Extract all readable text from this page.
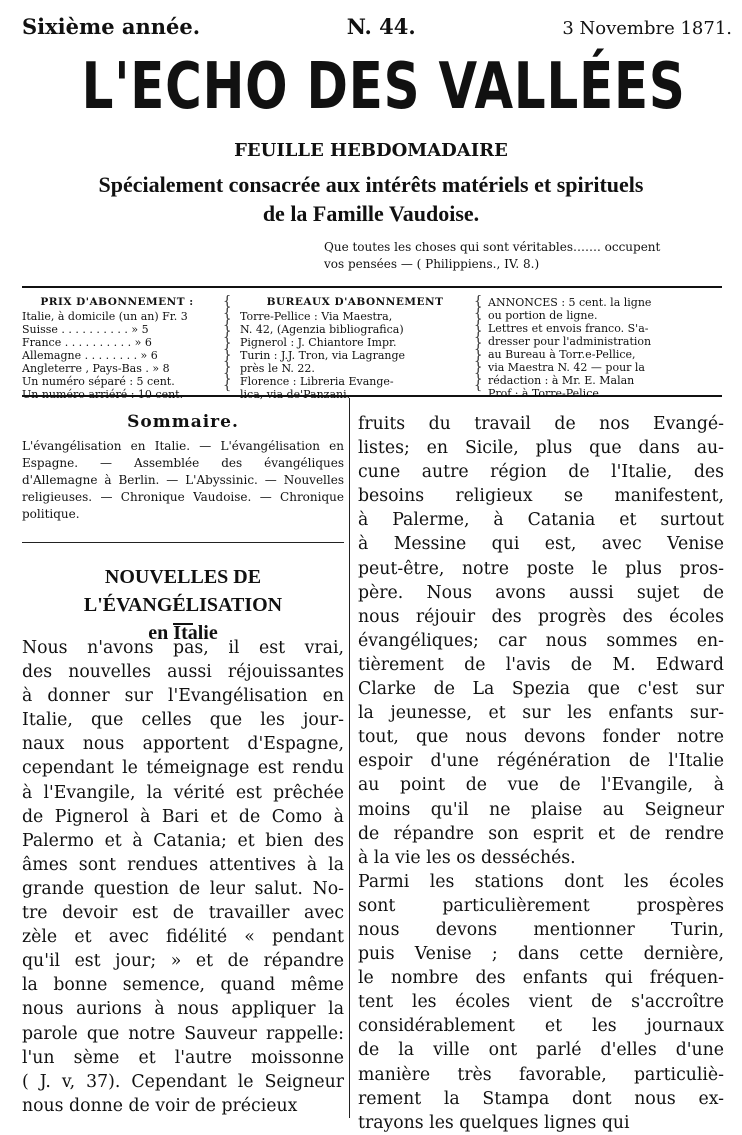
Sixième année.	N. 44.	3 Novembre 1871.
L'ECHO DES VALLÉES
FEUILLE HEBDOMADAIRE
Spécialement consacrée aux intérêts matériels et spirituels
de la Famille Vaudoise.
Que toutes les choses qui sont véritables……. occupent
vos pensées — ( Philippiens., IV. 8.)
PRIX D'ABONNEMENT :
Italie, à domicile (un an) Fr. 3
Suisse . . . . . . . . . . » 5
France . . . . . . . . . . » 6
Allemagne . . . . . . . . » 6
Angleterre , Pays-Bas . » 8
Un numéro séparé : 5 cent.
Un numéro arriéré : 10 cent.
{
{
{
{
{
{
{
{
BUREAUX D'ABONNEMENT
Torre-Pellice : Via Maestra,
N. 42, (Agenzia bibliografica)
Pignerol : J. Chiantore Impr.
Turin : J.J. Tron, via Lagrange
près le N. 22.
Florence : Libreria Evange-
lica, via de'Panzani.
{
{
{
{
{
{
{
{
ANNONCES : 5 cent. la ligne
ou portion de ligne.
Lettres et envois franco. S'a-
dresser pour l'administration
au Bureau à Torr.e-Pellice,
via Maestra N. 42 — pour la
rédaction : à Mr. E. Malan
Prof · à Torre-Pelice .
Sommaire.
L'évangélisation en Italie. — L'évangélisation en Espagne. — Assemblée des évangéliques d'Allemagne à Berlin. — L'Abyssinic. — Nouvelles religieuses. — Chronique Vaudoise. — Chronique politique.
Nous n'avons pas, il est vrai,
des nouvelles aussi réjouissantes
à donner sur l'Evangélisation en
Italie, que celles que les jour-
naux nous apportent d'Espagne,
cependant le témeignage est rendu
à l'Evangile, la vérité est prêchée
de Pignerol à Bari et de Como à
Palermo et à Catania; et bien des
âmes sont rendues attentives à la
grande question de leur salut. No-
tre devoir est de travailler avec
zèle et avec fidélité « pendant
qu'il est jour; » et de répandre
la bonne semence, quand même
nous aurions à nous appliquer la
parole que notre Sauveur rappelle:
l'un sème et l'autre moissonne
( J. v, 37). Cependant le Seigneur
nous donne de voir de précieux
NOUVELLES DE L'ÉVANGÉLISATION
en Italie
fruits du travail de nos Evangé-
listes; en Sicile, plus que dans au-
cune autre région de l'Italie, des
besoins religieux se manifestent,
à Palerme, à Catania et surtout
à Messine qui est, avec Venise
peut-être, notre poste le plus pros-
père. Nous avons aussi sujet de
nous réjouir des progrès des écoles
évangéliques; car nous sommes en-
tièrement de l'avis de M. Edward
Clarke de La Spezia que c'est sur
la jeunesse, et sur les enfants sur-
tout, que nous devons fonder notre
espoir d'une régénération de l'Italie
au point de vue de l'Evangile, à
moins qu'il ne plaise au Seigneur
de répandre son esprit et de rendre
à la vie les os desséchés.
Parmi les stations dont les écoles
sont particulièrement prospères
nous devons mentionner Turin,
puis Venise ; dans cette dernière,
le nombre des enfants qui fréquen-
tent les écoles vient de s'accroître
considérablement et les journaux
de la ville ont parlé d'elles d'une
manière très favorable, particuliè-
rement la Stampa dont nous ex-
trayons les quelques lignes qui
